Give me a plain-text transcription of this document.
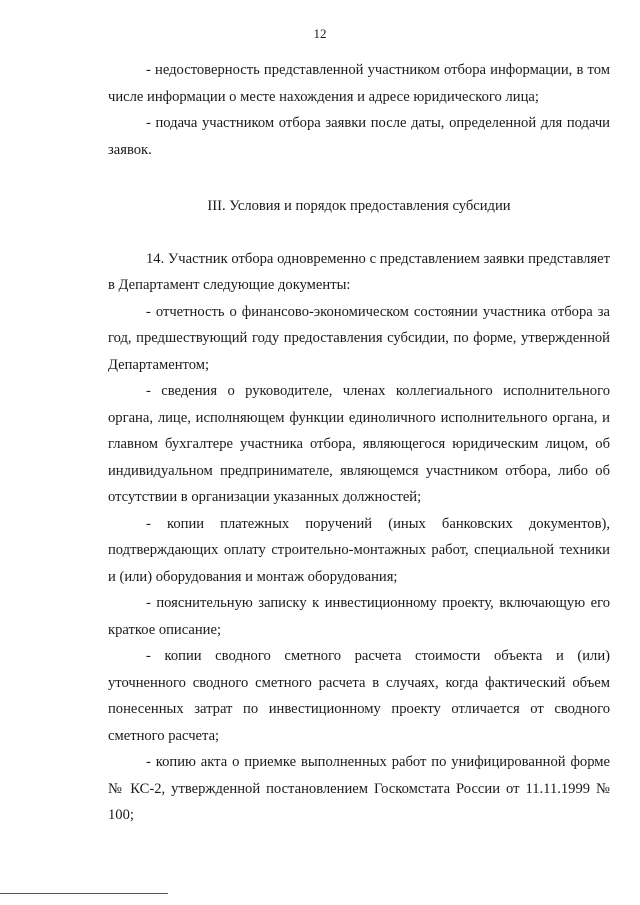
12

- недостоверность представленной участником отбора информации, в том числе информации о месте нахождения и адресе юридического лица;

- подача участником отбора заявки после даты, определенной для подачи заявок.

III. Условия и порядок предоставления субсидии

14. Участник отбора одновременно с представлением заявки представляет в Департамент следующие документы:

- отчетность о финансово-экономическом состоянии участника отбора за год, предшествующий году предоставления субсидии, по форме, утвержденной Департаментом;

- сведения о руководителе, членах коллегиального исполнительного органа, лице, исполняющем функции единоличного исполнительного органа, и главном бухгалтере участника отбора, являющегося юридическим лицом, об индивидуальном предпринимателе, являющемся участником отбора, либо об отсутствии в организации указанных должностей;

- копии платежных поручений (иных банковских документов), подтверждающих оплату строительно-монтажных работ, специальной техники и (или) оборудования и монтаж оборудования;

- пояснительную записку к инвестиционному проекту, включающую его краткое описание;

- копии сводного сметного расчета стоимости объекта и (или) уточненного сводного сметного расчета в случаях, когда фактический объем понесенных затрат по инвестиционному проекту отличается от сводного сметного расчета;

- копию акта о приемке выполненных работ по унифицированной форме № КС-2, утвержденной постановлением Госкомстата России от 11.11.1999 № 100;
